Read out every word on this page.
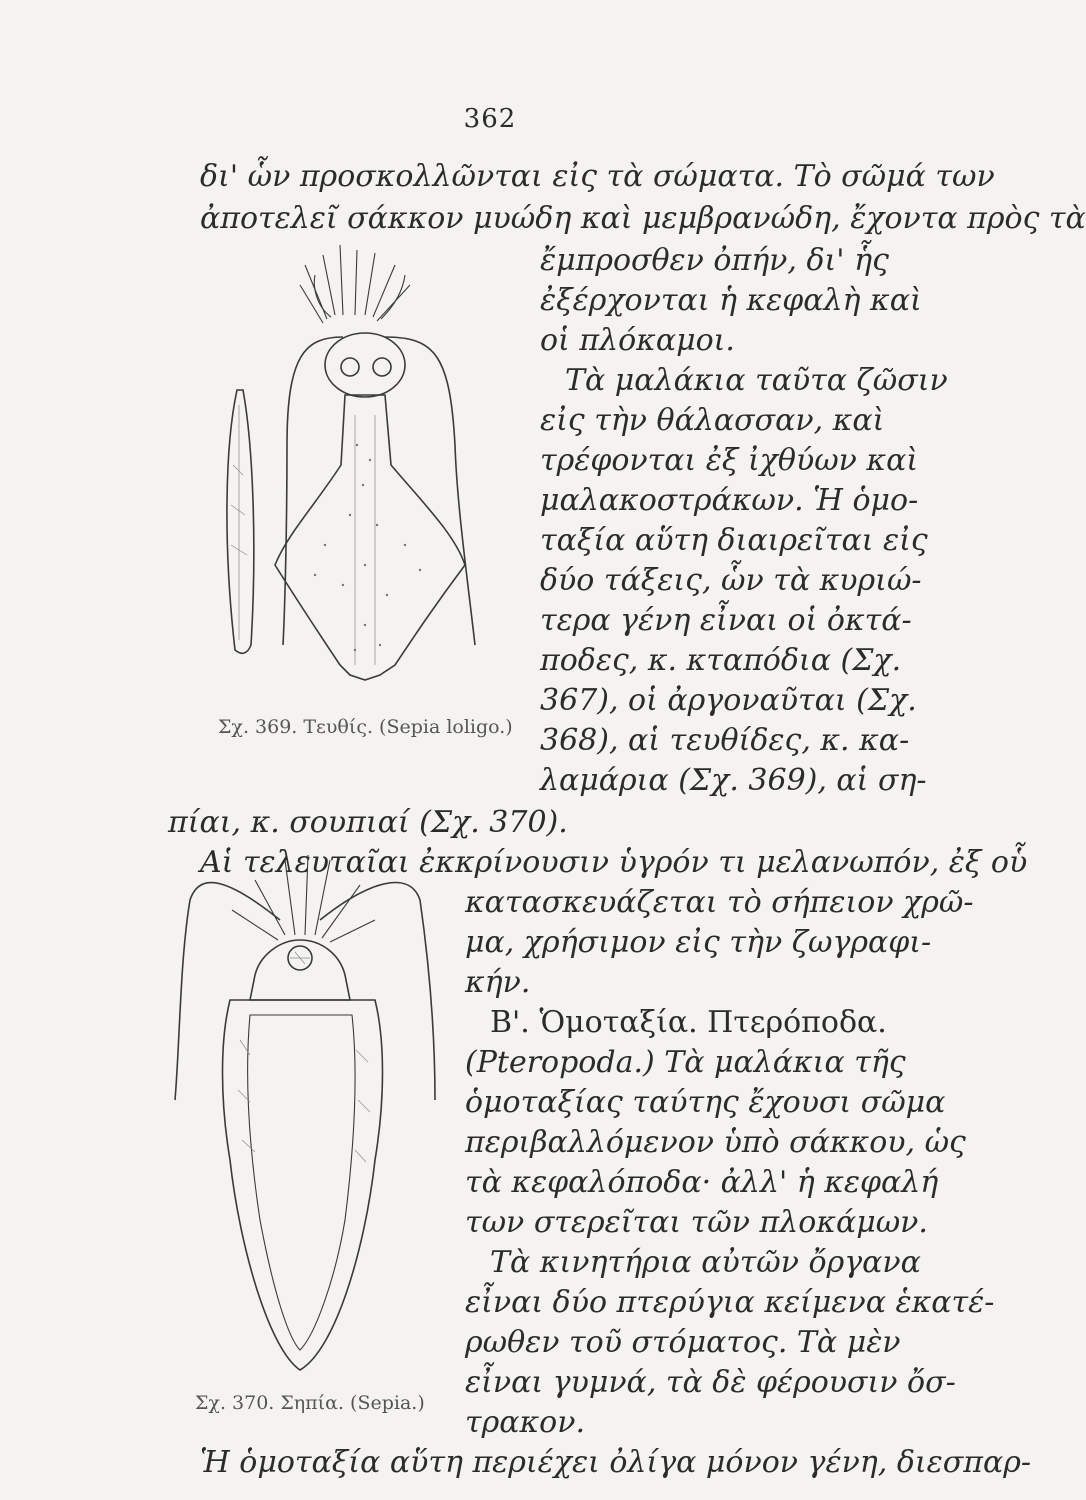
362
δι' ὧν προσκολλῶνται εἰς τὰ σώματα. Τὸ σῶμά των
ἀποτελεῖ σάκκον μυώδη καὶ μεμβρανώδη, ἔχοντα πρὸς τὰ
ἔμπροσθεν ὀπήν, δι' ἧς
ἐξέρχονται ἡ κεφαλὴ καὶ
οἱ πλόκαμοι.
Τὰ μαλάκια ταῦτα ζῶσιν
εἰς τὴν θάλασσαν, καὶ
τρέφονται ἐξ ἰχθύων καὶ
μαλακοστράκων. Ἡ ὁμο-
ταξία αὕτη διαιρεῖται εἰς
δύο τάξεις, ὧν τὰ κυριώ-
τερα γένη εἶναι οἱ ὀκτά-
ποδες, κ. κταπόδια (Σχ.
367), οἱ ἀργοναῦται (Σχ.
368), αἱ τευθίδες, κ. κα-
λαμάρια (Σχ. 369), αἱ ση-
Σχ. 369. Τευθίς. (Sepia loligo.)
πίαι, κ. σουπιαί (Σχ. 370).
Αἱ τελευταῖαι ἐκκρίνουσιν ὑγρόν τι μελανωπόν, ἐξ οὗ
κατασκευάζεται τὸ σήπειον χρῶ-
μα, χρήσιμον εἰς τὴν ζωγραφι-
κήν.
Β'. Ὁμοταξία. Πτερόποδα.
(Pteropoda.) Τὰ μαλάκια τῆς
ὁμοταξίας ταύτης ἔχουσι σῶμα
περιβαλλόμενον ὑπὸ σάκκου, ὡς
τὰ κεφαλόποδα· ἀλλ' ἡ κεφαλή
των στερεῖται τῶν πλοκάμων.
Τὰ κινητήρια αὐτῶν ὄργανα
εἶναι δύο πτερύγια κείμενα ἑκατέ-
ρωθεν τοῦ στόματος. Τὰ μὲν
εἶναι γυμνά, τὰ δὲ φέρουσιν ὄσ-
τρακον.
Σχ. 370. Σηπία. (Sepia.)
Ἡ ὁμοταξία αὕτη περιέχει ὀλίγα μόνον γένη, διεσπαρ-
